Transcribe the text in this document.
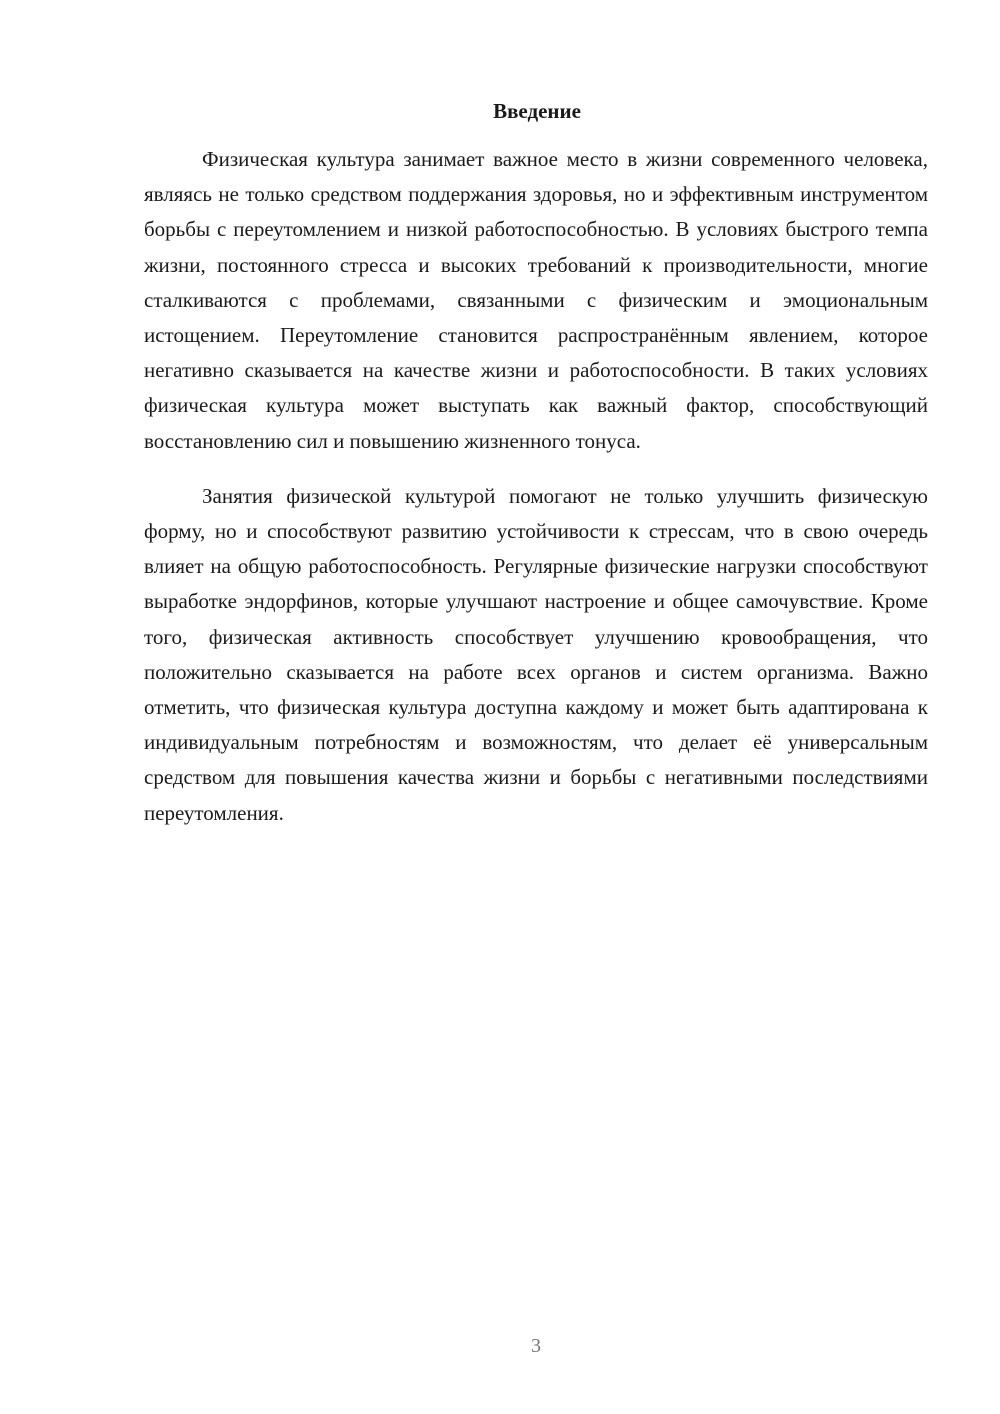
Введение

Физическая культура занимает важное место в жизни современного человека, являясь не только средством поддержания здоровья, но и эффективным инструментом борьбы с переутомлением и низкой работоспособностью. В условиях быстрого темпа жизни, постоянного стресса и высоких требований к производительности, многие сталкиваются с проблемами, связанными с физическим и эмоциональным истощением. Переутомление становится распространённым явлением, которое негативно сказывается на качестве жизни и работоспособности. В таких условиях физическая культура может выступать как важный фактор, способствующий восстановлению сил и повышению жизненного тонуса.

Занятия физической культурой помогают не только улучшить физическую форму, но и способствуют развитию устойчивости к стрессам, что в свою очередь влияет на общую работоспособность. Регулярные физические нагрузки способствуют выработке эндорфинов, которые улучшают настроение и общее самочувствие. Кроме того, физическая активность способствует улучшению кровообращения, что положительно сказывается на работе всех органов и систем организма. Важно отметить, что физическая культура доступна каждому и может быть адаптирована к индивидуальным потребностям и возможностям, что делает её универсальным средством для повышения качества жизни и борьбы с негативными последствиями переутомления.

3
